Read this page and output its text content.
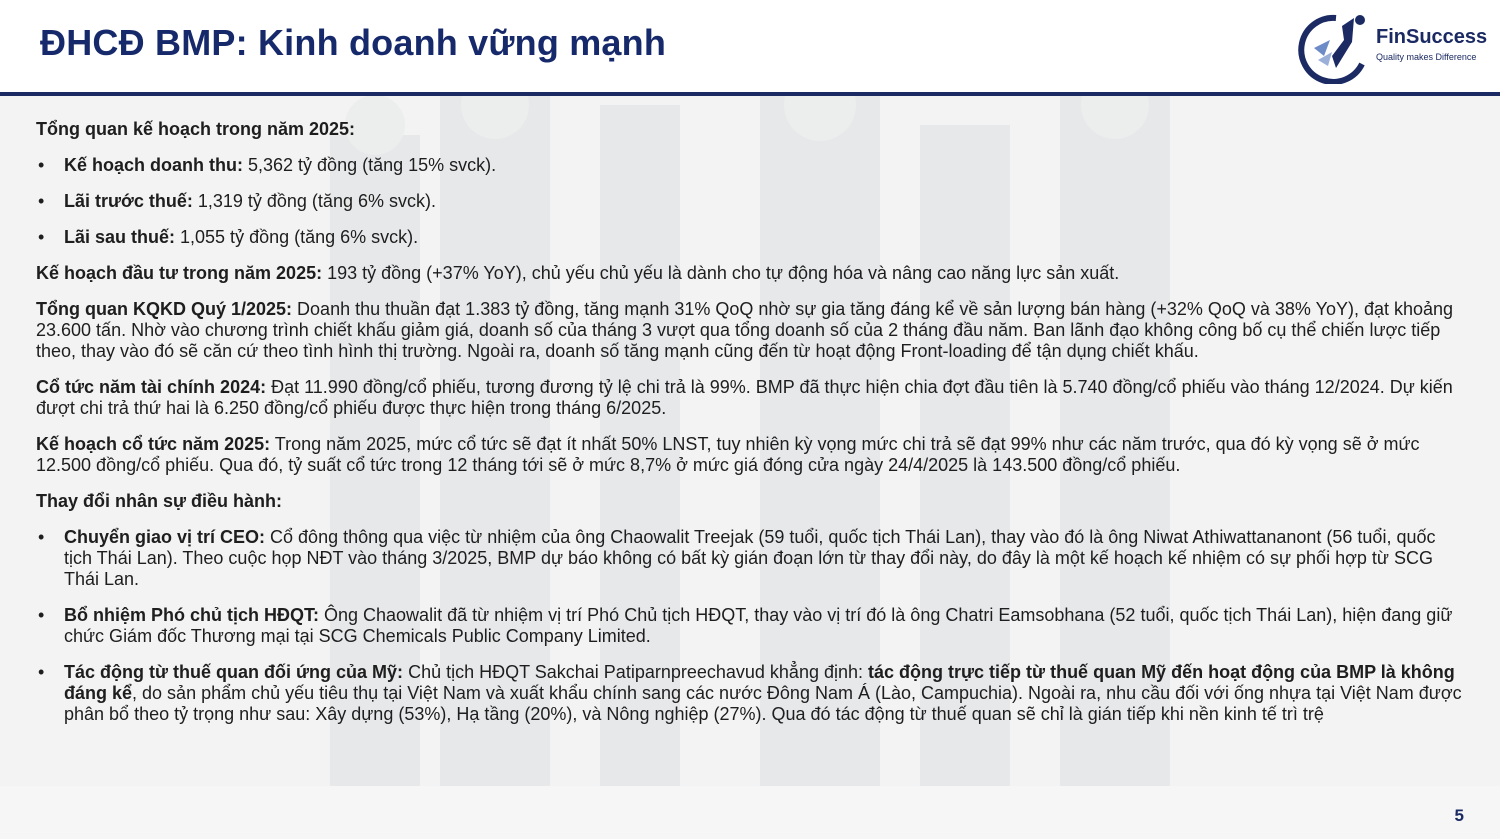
ĐHCĐ BMP: Kinh doanh vững mạnh	FinSuccess
Quality makes Difference

Tổng quan kế hoạch trong năm 2025:

• Kế hoạch doanh thu: 5,362 tỷ đồng (tăng 15% svck).
• Lãi trước thuế: 1,319 tỷ đồng (tăng 6% svck).
• Lãi sau thuế: 1,055 tỷ đồng (tăng 6% svck).

Kế hoạch đầu tư trong năm 2025: 193 tỷ đồng (+37% YoY), chủ yếu chủ yếu là dành cho tự động hóa và nâng cao năng lực sản xuất.

Tổng quan KQKD Quý 1/2025: Doanh thu thuần đạt 1.383 tỷ đồng, tăng mạnh 31% QoQ nhờ sự gia tăng đáng kể về sản lượng bán hàng (+32% QoQ và 38% YoY), đạt khoảng 23.600 tấn. Nhờ vào chương trình chiết khấu giảm giá, doanh số của tháng 3 vượt qua tổng doanh số của 2 tháng đầu năm. Ban lãnh đạo không công bố cụ thể chiến lược tiếp theo, thay vào đó sẽ căn cứ theo tình hình thị trường. Ngoài ra, doanh số tăng mạnh cũng đến từ hoạt động Front-loading để tận dụng chiết khấu.

Cổ tức năm tài chính 2024: Đạt 11.990 đồng/cổ phiếu, tương đương tỷ lệ chi trả là 99%. BMP đã thực hiện chia đợt đầu tiên là 5.740 đồng/cổ phiếu vào tháng 12/2024. Dự kiến đượt chi trả thứ hai là 6.250 đồng/cổ phiếu được thực hiện trong tháng 6/2025.

Kế hoạch cổ tức năm 2025: Trong năm 2025, mức cổ tức sẽ đạt ít nhất 50% LNST, tuy nhiên kỳ vọng mức chi trả sẽ đạt 99% như các năm trước, qua đó kỳ vọng sẽ ở mức 12.500 đồng/cổ phiếu. Qua đó, tỷ suất cổ tức trong 12 tháng tới sẽ ở mức 8,7% ở mức giá đóng cửa ngày 24/4/2025 là 143.500 đồng/cổ phiếu.

Thay đổi nhân sự điều hành:

• Chuyển giao vị trí CEO: Cổ đông thông qua việc từ nhiệm của ông Chaowalit Treejak (59 tuổi, quốc tịch Thái Lan), thay vào đó là ông Niwat Athiwattananont (56 tuổi, quốc tịch Thái Lan). Theo cuộc họp NĐT vào tháng 3/2025, BMP dự báo không có bất kỳ gián đoạn lớn từ thay đổi này, do đây là một kế hoạch kế nhiệm có sự phối hợp từ SCG Thái Lan.
• Bổ nhiệm Phó chủ tịch HĐQT: Ông Chaowalit đã từ nhiệm vị trí Phó Chủ tịch HĐQT, thay vào vị trí đó là ông Chatri Eamsobhana (52 tuổi, quốc tịch Thái Lan), hiện đang giữ chức Giám đốc Thương mại tại SCG Chemicals Public Company Limited.
• Tác động từ thuế quan đối ứng của Mỹ: Chủ tịch HĐQT Sakchai Patiparnpreechavud khẳng định: tác động trực tiếp từ thuế quan Mỹ đến hoạt động của BMP là không đáng kể, do sản phẩm chủ yếu tiêu thụ tại Việt Nam và xuất khẩu chính sang các nước Đông Nam Á (Lào, Campuchia). Ngoài ra, nhu cầu đối với ống nhựa tại Việt Nam được phân bổ theo tỷ trọng như sau: Xây dựng (53%), Hạ tầng (20%), và Nông nghiệp (27%). Qua đó tác động từ thuế quan sẽ chỉ là gián tiếp khi nền kinh tế trì trệ
5
